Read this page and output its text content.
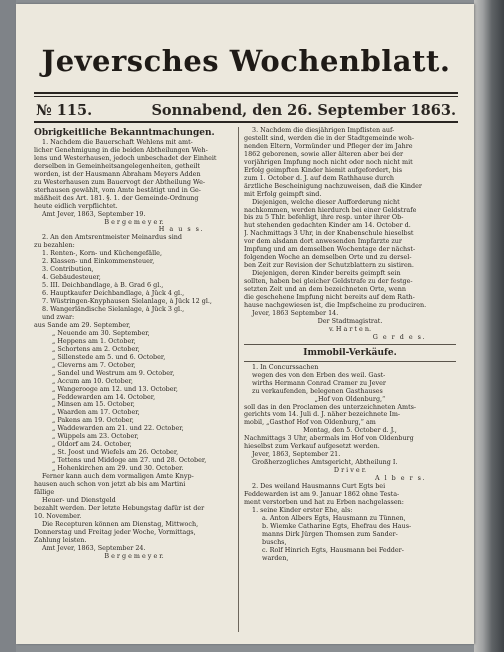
Jeversches Wochenblatt.
№ 115.	Sonnabend, den 26. September 1863.
Obrigkeitliche Bekanntmachungen.
1. Nachdem die Bauerschaft Wehlens mit amt-
licher Genehmigung in die beiden Abtheilungen Weh-
lens und Westerhausen, jedoch unbeschadet der Einheit
derselben in Gemeinheitsangelegenheiten, getheilt
worden, ist der Hausmann Abraham Meyers Adden
zu Westerhausen zum Bauervogt der Abtheilung We-
sterhausen gewählt, vom Amte bestätigt und in Ge-
mäßheit des Art. 181. §. 1. der Gemeinde-Ordnung
heute eidlich verpflichtet.
Amt Jever, 1863, September 19.
B e r g e m e y e r.
H a u s s.
2. An den Amtsrentmeister Meinardus sind
zu bezahlen:
1. Renten-, Korn- und Küchengefälle,
2. Klassen- und Einkommensteuer,
3. Contribution,
4. Gebäudesteuer,
5. III. Deichbandlage, à B. Grad 6 gl.,
6. Hauptkaufer Deichbandlage, à Jück 4 gl.,
7. Wüstringen-Knyphausen Sielanlage, à Jück 12 gl.,
8. Wangerländische Sielanlage, à Jück 3 gl.,
und zwar:
aus Sande am 29. September,
„ Neuende am 30. September,
„ Heppens am 1. October,
„ Schortens am 2. October,
„ Sillenstede am 5. und 6. October,
„ Cleverns am 7. October,
„ Sandel und Westrum am 9. October,
„ Accum am 10. October,
„ Wangerooge am 12. und 13. October,
„ Feddewarden am 14. October,
„ Minsen am 15. October,
„ Waarden am 17. October,
„ Pakens am 19. October,
„ Waddewarden am 21. und 22. October,
„ Wüppels am 23. October,
„ Oldorf am 24. October,
„ St. Joost und Wiefels am 26. October,
„ Tettens und Middoge am 27. und 28. October,
„ Hohenkirchen am 29. und 30. October.
Ferner kann auch dem vormaligen Amte Knyp-
hausen auch schon von jetzt ab bis am Martini
fällige
Heuer- und Dienstgeld
bezahlt werden. Der letzte Hebungstag dafür ist der
10. November.
Die Recepturen können am Dienstag, Mittwoch,
Donnerstag und Freitag jeder Woche, Vormittags,
Zahlung leisten.
Amt Jever, 1863, September 24.
B e r g e m e y e r.
3. Nachdem die diesjährigen Impflisten auf-
gestellt sind, werden die in der Stadtgemeinde woh-
nenden Eltern, Vormünder und Pfleger der im Jahre
1862 geborenen, sowie aller älteren aber bei der
vorjährigen Impfung noch nicht oder noch nicht mit
Erfolg geimpften Kinder hiemit aufgefordert, bis
zum 1. October d. J. auf dem Rathhause durch
ärztliche Bescheinigung nachzuweisen, daß die Kinder
mit Erfolg geimpft sind.
Diejenigen, welche dieser Aufforderung nicht
nachkommen, werden hierdurch bei einer Geldstrafe
bis zu 5 Thlr. befehligt, ihre resp. unter ihrer Ob-
hut stehenden gedachten Kinder am 14. October d.
J. Nachmittags 3 Uhr, in der Knabenschule hieselbst
vor dem alsdann dort anwesenden Impfarzte zur
Impfung und am demselben Wochentage der nächst-
folgenden Woche an demselben Orte und zu dersel-
ben Zeit zur Revision der Schutzblattern zu sistiren.
Diejenigen, deren Kinder bereits geimpft sein
sollten, haben bei gleicher Geldstrafe zu der festge-
setzten Zeit und an dem bezeichneten Orte, wenn
die geschehene Impfung nicht bereits auf dem Rath-
hause nachgewiesen ist, die Impfscheine zu produciren.
Jever, 1863 September 14.
Der Stadtmagistrat.
v. H a r t e n.
G e r d e s.
Immobil-Verkäufe.
1. In Concurssachen
wegen des von den Erben des weil. Gast-
wirths Hermann Conrad Cramer zu Jever
zu verkaufenden, belegenen Gasthauses
„Hof von Oldenburg,“
soll das in den Proclamen des unterzeichneten Amts-
gerichts vom 14. Juli d. J. näher bezeichnete Im-
mobil, „Gasthof Hof von Oldenburg,“ am
Montag, den 5. October d. J.,
Nachmittags 3 Uhr, abermals im Hof von Oldenburg
hieselbst zum Verkauf aufgesetzt werden.
Jever, 1863, September 21.
Großherzogliches Amtsgericht, Abtheilung I.
D r i v e r.
A l b e r s.
2. Des weiland Hausmanns Curt Egts bei
Feddewarden ist am 9. Januar 1862 ohne Testa-
ment verstorben und hat zu Erben nachgelassen:
1. seine Kinder erster Ehe, als:
a. Anton Albers Egts, Hausmann zu Tünnen,
b. Wiemke Catharine Egts, Ehefrau des Haus-
manns Dirk Jürgen Thomsen zum Sander-
buschs,
c. Rolf Hinrich Egts, Hausmann bei Fedder-
warden,
